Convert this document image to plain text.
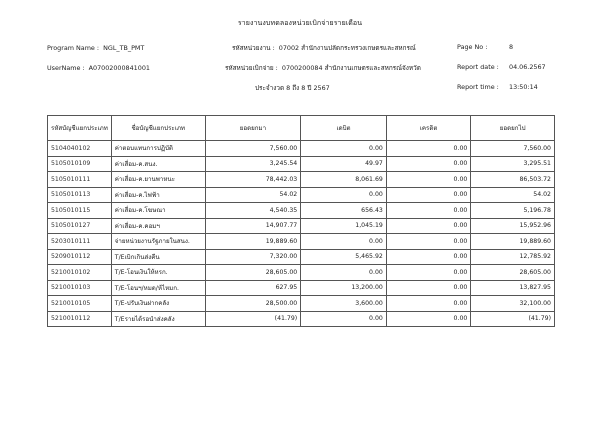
รายงานงบทดลองหน่วยเบิกจ่ายรายเดือน
Program Name : NGL_TB_PMT
UserName : A07002000841001
รหัสหน่วยงาน : 07002 สำนักงานปลัดกระทรวงเกษตรและสหกรณ์
รหัสหน่วยเบิกจ่าย : 0700200084 สำนักงานเกษตรและสหกรณ์จังหวัด
ประจำงวด 8 ถึง 8 ปี 2567
Page No :	8
Report date : 04.06.2567
Report time : 13:50:14
รหัสบัญชีแยกประเภท	ชื่อบัญชีแยกประเภท	ยอดยกมา	เดบิต	เครดิต	ยอดยกไป
5104040102	ค่าตอบแทนการปฏิบัติ	7,560.00	0.00	0.00	7,560.00
5105010109	ค่าเสื่อม-ค.สนง.	3,245.54	49.97	0.00	3,295.51
5105010111	ค่าเสื่อม-ค.ยานพาหนะ	78,442.03	8,061.69	0.00	86,503.72
5105010113	ค่าเสื่อม-ค.ไฟฟ้า	54.02	0.00	0.00	54.02
5105010115	ค่าเสื่อม-ค.โฆษณา	4,540.35	656.43	0.00	5,196.78
5105010127	ค่าเสื่อม-ค.คอมฯ	14,907.77	1,045.19	0.00	15,952.96
5203010111	จ่ายหน่วยงานรัฐภายในสนง.	19,889.60	0.00	0.00	19,889.60
5209010112	T/Eเบิกเกินส่งคืน	7,320.00	5,465.92	0.00	12,785.92
5210010102	T/E-โอนเงินให้หรก.	28,605.00	0.00	0.00	28,605.00
5210010103	T/E-โอนฯ/หมด/ห้ไหมก.	627.95	13,200.00	0.00	13,827.95
5210010105	T/E-ปรับเงินฝากคลัง	28,500.00	3,600.00	0.00	32,100.00
5210010112	T/Eรายได้รอนำส่งคลัง	(41.79)	0.00	0.00	(41.79)
